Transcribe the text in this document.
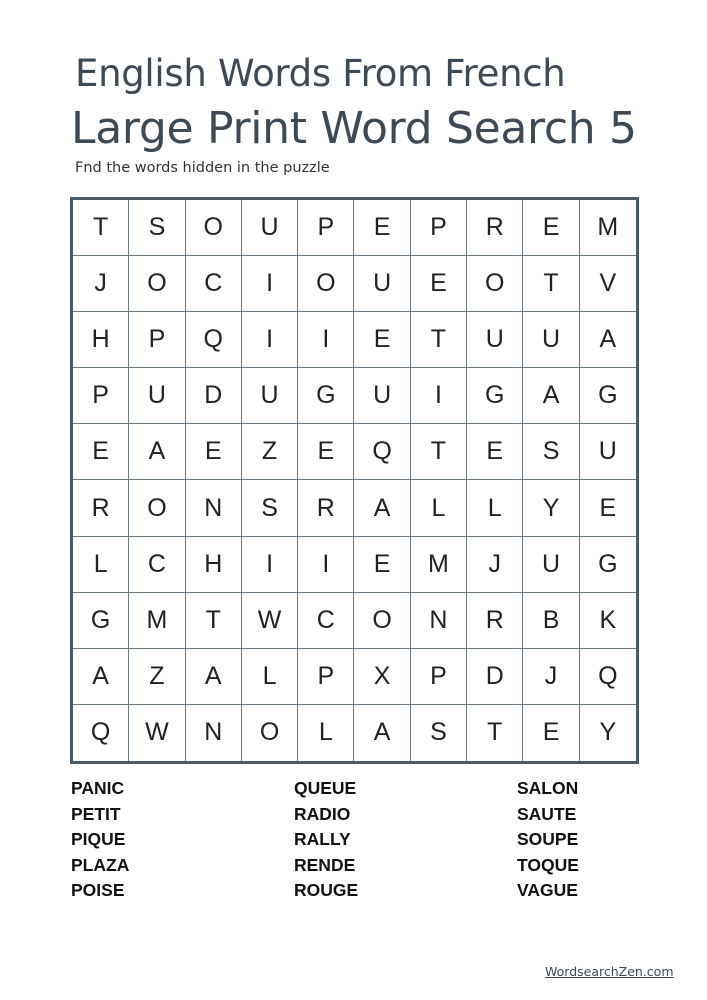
English Words From French
Large Print Word Search 5
Fnd the words hidden in the puzzle
T	S	O	U	P	E	P	R	E	M
J	O	C	I	O	U	E	O	T	V
H	P	Q	I	I	E	T	U	U	A
P	U	D	U	G	U	I	G	A	G
E	A	E	Z	E	Q	T	E	S	U
R	O	N	S	R	A	L	L	Y	E
L	C	H	I	I	E	M	J	U	G
G	M	T	W	C	O	N	R	B	K
A	Z	A	L	P	X	P	D	J	Q
Q	W	N	O	L	A	S	T	E	Y
PANIC
PETIT
PIQUE
PLAZA
POISE
QUEUE
RADIO
RALLY
RENDE
ROUGE
SALON
SAUTE
SOUPE
TOQUE
VAGUE
WordsearchZen.com
